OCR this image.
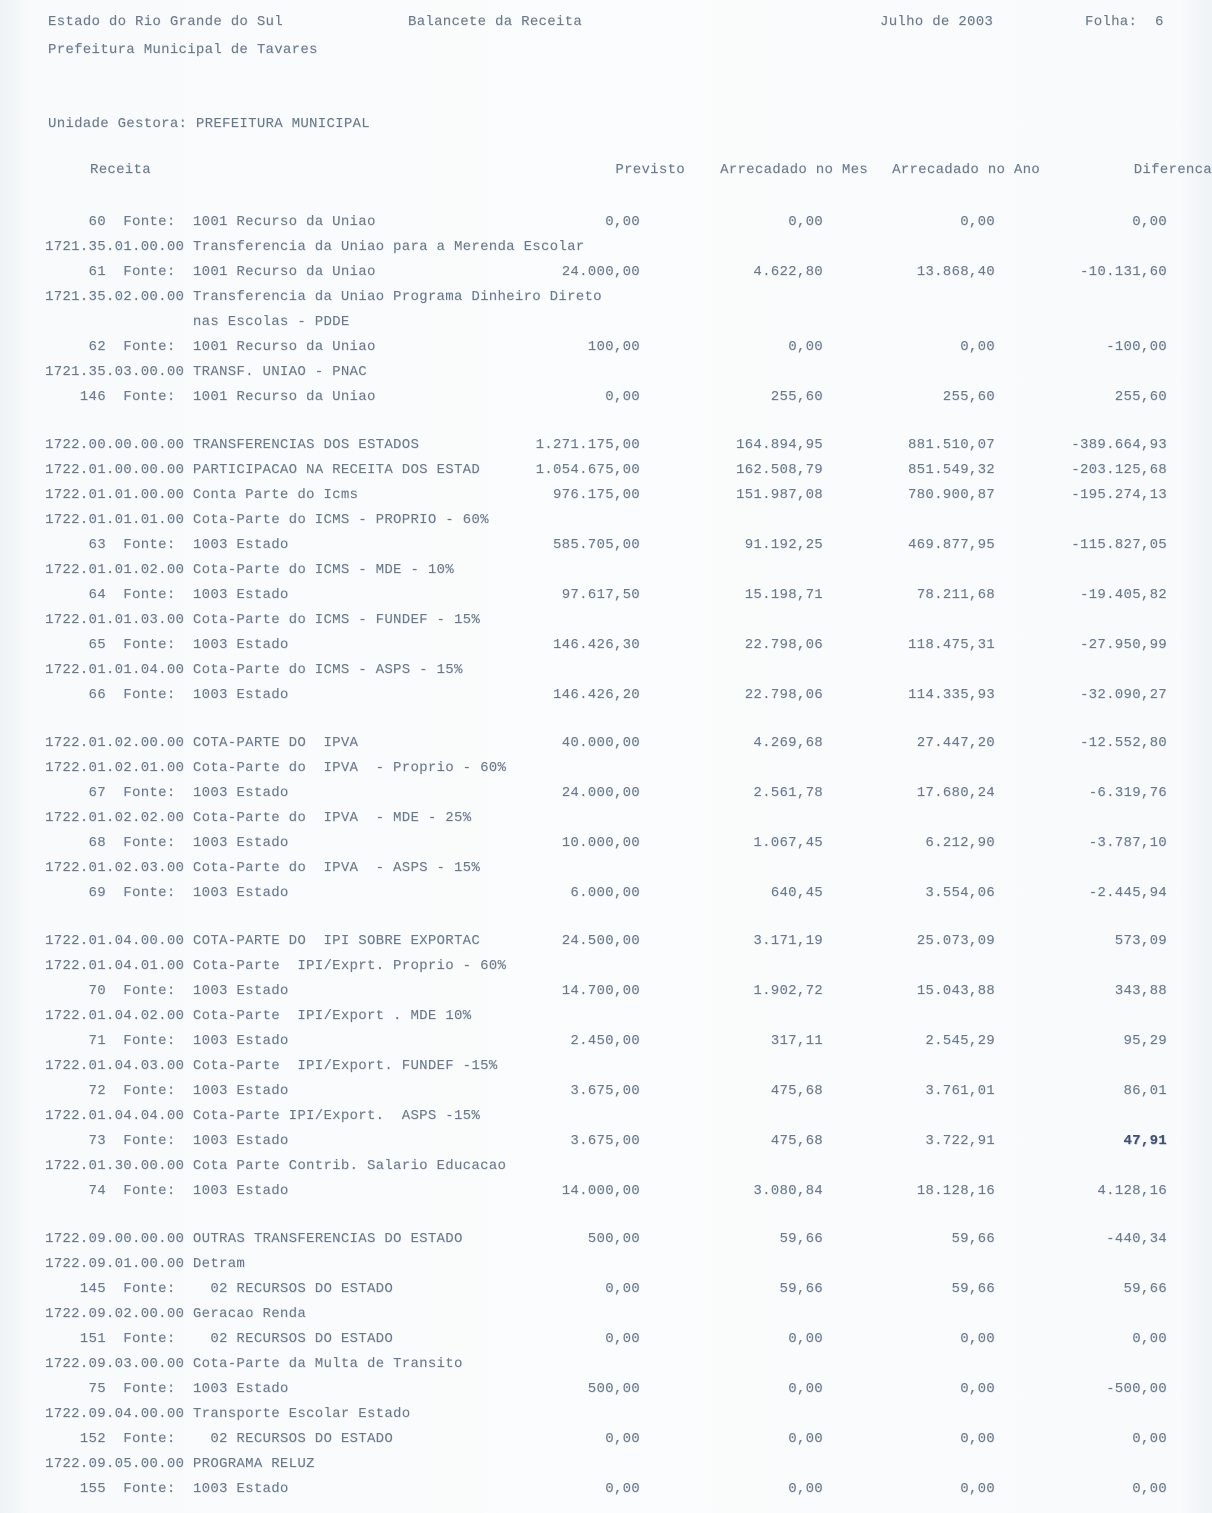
Estado do Rio Grande do Sul	Balancete da Receita	Julho de 2003	Folha: 6
Prefeitura Municipal de Tavares
Unidade Gestora: PREFEITURA MUNICIPAL
Receita	Previsto	Arrecadado no Mes	Arrecadado no Ano	Diferenca
60  Fonte:  1001 Recurso da Uniao	0,00	0,00	0,00	0,00
1721.35.01.00.00 Transferencia da Uniao para a Merenda Escolar
61  Fonte:  1001 Recurso da Uniao	24.000,00	4.622,80	13.868,40	-10.131,60
1721.35.02.00.00 Transferencia da Uniao Programa Dinheiro Direto
nas Escolas - PDDE
62  Fonte:  1001 Recurso da Uniao	100,00	0,00	0,00	-100,00
1721.35.03.00.00 TRANSF. UNIAO - PNAC
146  Fonte:  1001 Recurso da Uniao	0,00	255,60	255,60	255,60
1722.00.00.00.00 TRANSFERENCIAS DOS ESTADOS	1.271.175,00	164.894,95	881.510,07	-389.664,93
1722.01.00.00.00 PARTICIPACAO NA RECEITA DOS ESTAD	1.054.675,00	162.508,79	851.549,32	-203.125,68
1722.01.01.00.00 Conta Parte do Icms	976.175,00	151.987,08	780.900,87	-195.274,13
1722.01.01.01.00 Cota-Parte do ICMS - PROPRIO - 60%
63  Fonte:  1003 Estado	585.705,00	91.192,25	469.877,95	-115.827,05
1722.01.01.02.00 Cota-Parte do ICMS - MDE - 10%
64  Fonte:  1003 Estado	97.617,50	15.198,71	78.211,68	-19.405,82
1722.01.01.03.00 Cota-Parte do ICMS - FUNDEF - 15%
65  Fonte:  1003 Estado	146.426,30	22.798,06	118.475,31	-27.950,99
1722.01.01.04.00 Cota-Parte do ICMS - ASPS - 15%
66  Fonte:  1003 Estado	146.426,20	22.798,06	114.335,93	-32.090,27
1722.01.02.00.00 COTA-PARTE DO  IPVA	40.000,00	4.269,68	27.447,20	-12.552,80
1722.01.02.01.00 Cota-Parte do  IPVA  - Proprio - 60%
67  Fonte:  1003 Estado	24.000,00	2.561,78	17.680,24	-6.319,76
1722.01.02.02.00 Cota-Parte do  IPVA  - MDE - 25%
68  Fonte:  1003 Estado	10.000,00	1.067,45	6.212,90	-3.787,10
1722.01.02.03.00 Cota-Parte do  IPVA  - ASPS - 15%
69  Fonte:  1003 Estado	6.000,00	640,45	3.554,06	-2.445,94
1722.01.04.00.00 COTA-PARTE DO  IPI SOBRE EXPORTAC	24.500,00	3.171,19	25.073,09	573,09
1722.01.04.01.00 Cota-Parte  IPI/Exprt. Proprio - 60%
70  Fonte:  1003 Estado	14.700,00	1.902,72	15.043,88	343,88
1722.01.04.02.00 Cota-Parte  IPI/Export . MDE 10%
71  Fonte:  1003 Estado	2.450,00	317,11	2.545,29	95,29
1722.01.04.03.00 Cota-Parte  IPI/Export. FUNDEF -15%
72  Fonte:  1003 Estado	3.675,00	475,68	3.761,01	86,01
1722.01.04.04.00 Cota-Parte IPI/Export.  ASPS -15%
73  Fonte:  1003 Estado	3.675,00	475,68	3.722,91	47,91
1722.01.30.00.00 Cota Parte Contrib. Salario Educacao
74  Fonte:  1003 Estado	14.000,00	3.080,84	18.128,16	4.128,16
1722.09.00.00.00 OUTRAS TRANSFERENCIAS DO ESTADO	500,00	59,66	59,66	-440,34
1722.09.01.00.00 Detram
145  Fonte:    02 RECURSOS DO ESTADO	0,00	59,66	59,66	59,66
1722.09.02.00.00 Geracao Renda
151  Fonte:    02 RECURSOS DO ESTADO	0,00	0,00	0,00	0,00
1722.09.03.00.00 Cota-Parte da Multa de Transito
75  Fonte:  1003 Estado	500,00	0,00	0,00	-500,00
1722.09.04.00.00 Transporte Escolar Estado
152  Fonte:    02 RECURSOS DO ESTADO	0,00	0,00	0,00	0,00
1722.09.05.00.00 PROGRAMA RELUZ
155  Fonte:  1003 Estado	0,00	0,00	0,00	0,00
